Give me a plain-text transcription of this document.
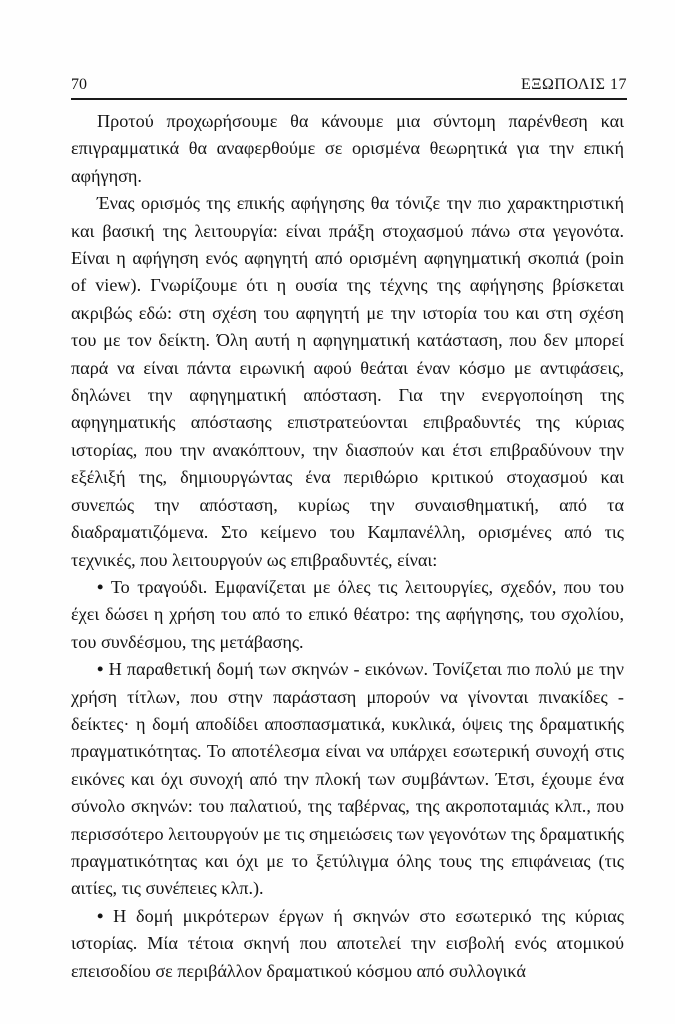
70	ΕΞΩΠΟΛΙΣ 17

Προτού προχωρήσουμε θα κάνουμε μια σύντομη παρένθεση και επιγραμματικά θα αναφερθούμε σε ορισμένα θεωρητικά για την επική αφήγηση.

Ένας ορισμός της επικής αφήγησης θα τόνιζε την πιο χαρακτηριστική και βασική της λειτουργία: είναι πράξη στοχασμού πάνω στα γεγονότα. Είναι η αφήγηση ενός αφηγητή από ορισμένη αφηγηματική σκοπιά (poin of view). Γνωρίζουμε ότι η ουσία της τέχνης της αφήγησης βρίσκεται ακριβώς εδώ: στη σχέση του αφηγητή με την ιστορία του και στη σχέση του με τον δείκτη. Όλη αυτή η αφηγηματική κατάσταση, που δεν μπορεί παρά να είναι πάντα ειρωνική αφού θεάται έναν κόσμο με αντιφάσεις, δηλώνει την αφηγηματική απόσταση. Για την ενεργοποίηση της αφηγηματικής απόστασης επιστρατεύονται επιβραδυντές της κύριας ιστορίας, που την ανακόπτουν, την διασπούν και έτσι επιβραδύνουν την εξέλιξή της, δημιουργώντας ένα περιθώριο κριτικού στοχασμού και συνεπώς την απόσταση, κυρίως την συναισθηματική, από τα διαδραματιζόμενα. Στο κείμενο του Καμπανέλλη, ορισμένες από τις τεχνικές, που λειτουργούν ως επιβραδυντές, είναι:

• Το τραγούδι. Εμφανίζεται με όλες τις λειτουργίες, σχεδόν, που του έχει δώσει η χρήση του από το επικό θέατρο: της αφήγησης, του σχολίου, του συνδέσμου, της μετάβασης.

• Η παραθετική δομή των σκηνών - εικόνων. Τονίζεται πιο πολύ με την χρήση τίτλων, που στην παράσταση μπορούν να γίνονται πινακίδες - δείκτες· η δομή αποδίδει αποσπασματικά, κυκλικά, όψεις της δραματικής πραγματικότητας. Το αποτέλεσμα είναι να υπάρχει εσωτερική συνοχή στις εικόνες και όχι συνοχή από την πλοκή των συμβάντων. Έτσι, έχουμε ένα σύνολο σκηνών: του παλατιού, της ταβέρνας, της ακροποταμιάς κλπ., που περισσότερο λειτουργούν με τις σημειώσεις των γεγονότων της δραματικής πραγματικότητας και όχι με το ξετύλιγμα όλης τους της επιφάνειας (τις αιτίες, τις συνέπειες κλπ.).

• Η δομή μικρότερων έργων ή σκηνών στο εσωτερικό της κύριας ιστορίας. Μία τέτοια σκηνή που αποτελεί την εισβολή ενός ατομικού επεισοδίου σε περιβάλλον δραματικού κόσμου από συλλογικά
